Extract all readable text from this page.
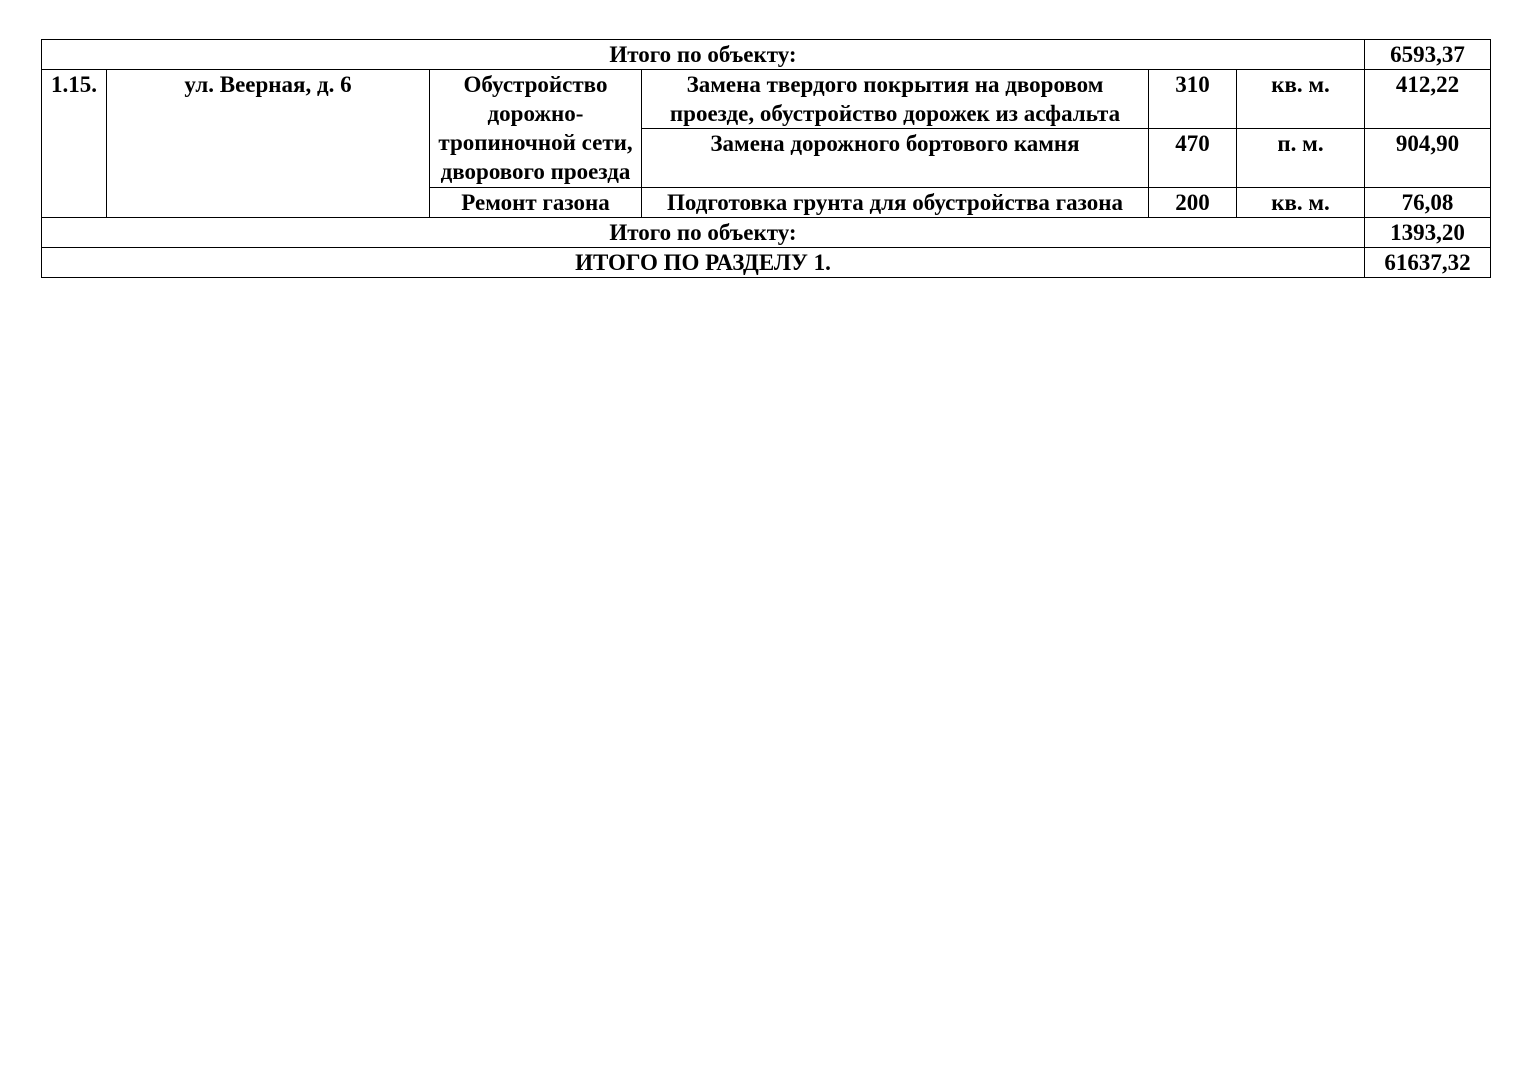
Итого по объекту:						6593,37
1.15.	ул. Веерная, д. 6	Обустройство дорожно-тропиночной сети, дворового проезда	Замена твердого покрытия на дворовом проезде, обустройство дорожек из асфальта	310	кв. м.	412,22
			Замена дорожного бортового камня	470	п. м.	904,90
		Ремонт газона	Подготовка грунта для обустройства газона	200	кв. м.	76,08
Итого по объекту:						1393,20
ИТОГО ПО РАЗДЕЛУ 1.						61637,32
